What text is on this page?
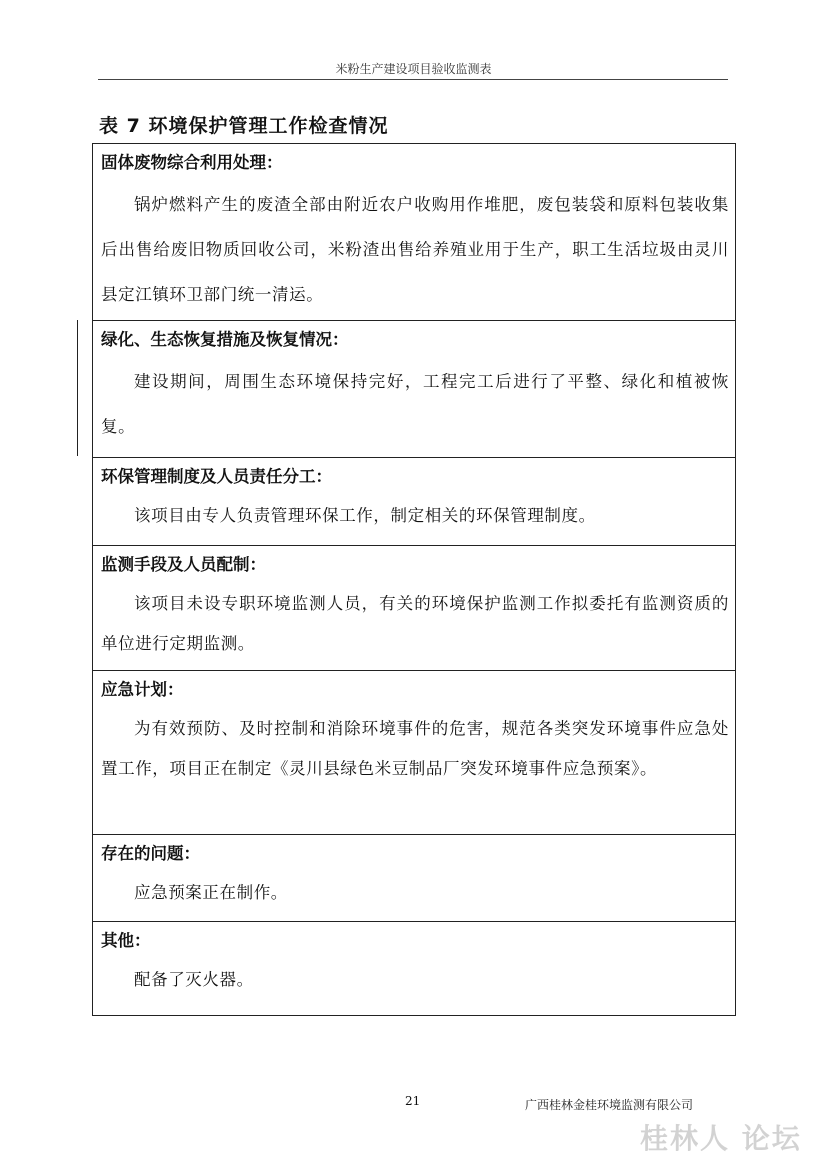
米粉生产建设项目验收监测表
表 7 环境保护管理工作检查情况
固体废物综合利用处理：
锅炉燃料产生的废渣全部由附近农户收购用作堆肥，废包装袋和原料包装收集后出售给废旧物质回收公司，米粉渣出售给养殖业用于生产，职工生活垃圾由灵川县定江镇环卫部门统一清运。

绿化、生态恢复措施及恢复情况：
建设期间，周围生态环境保持完好，工程完工后进行了平整、绿化和植被恢复。

环保管理制度及人员责任分工：
该项目由专人负责管理环保工作，制定相关的环保管理制度。

监测手段及人员配制：
该项目未设专职环境监测人员，有关的环境保护监测工作拟委托有监测资质的单位进行定期监测。

应急计划：
为有效预防、及时控制和消除环境事件的危害，规范各类突发环境事件应急处置工作，项目正在制定《灵川县绿色米豆制品厂突发环境事件应急预案》。

存在的问题：
应急预案正在制作。

其他：
配备了灭火器。
21	广西桂林金桂环境监测有限公司
桂林人 论坛
